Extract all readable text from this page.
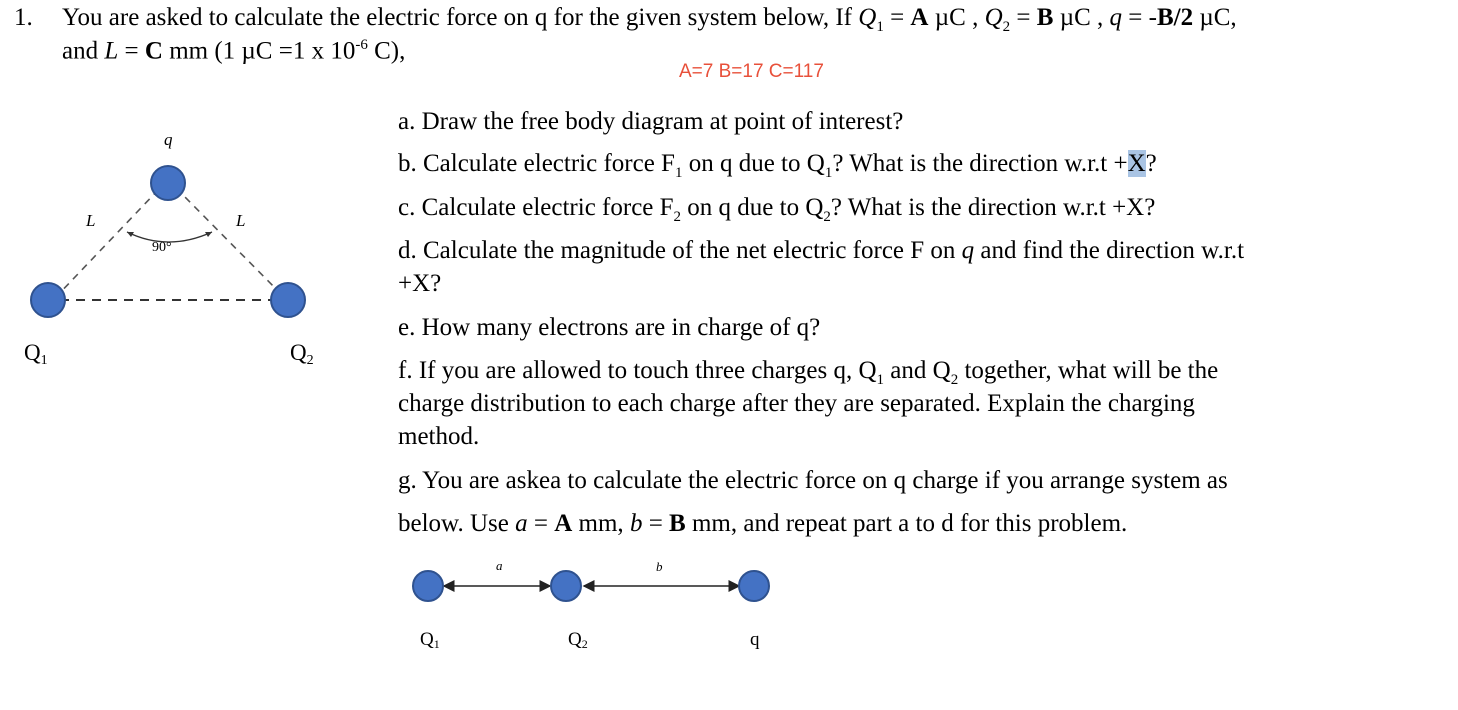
1. You are asked to calculate the electric force on q for the given system below, If $Q_1 = A$ µC , $Q_2 = B$ µC , q = -B/2 µC,
and L = C mm (1 µC =1 x $10^{-6}$ C),
A=7 B=17 C=117
q
L	L
90°
Q1	Q2
a. Draw the free body diagram at point of interest?
b. Calculate electric force $F_1$ on q due to $Q_1$? What is the direction w.r.t +X?
c. Calculate electric force $F_2$ on q due to $Q_2$? What is the direction w.r.t +X?
d. Calculate the magnitude of the net electric force F on q and find the direction w.r.t
+X?
e. How many electrons are in charge of q?
f. If you are allowed to touch three charges q, $Q_1$ and $Q_2$ together, what will be the
charge distribution to each charge after they are separated. Explain the charging
method.
g. You are askea to calculate the electric force on q charge if you arrange system as
below. Use a = A mm, b = B mm, and repeat part a to d for this problem.
a	b
Q1	Q2	q
